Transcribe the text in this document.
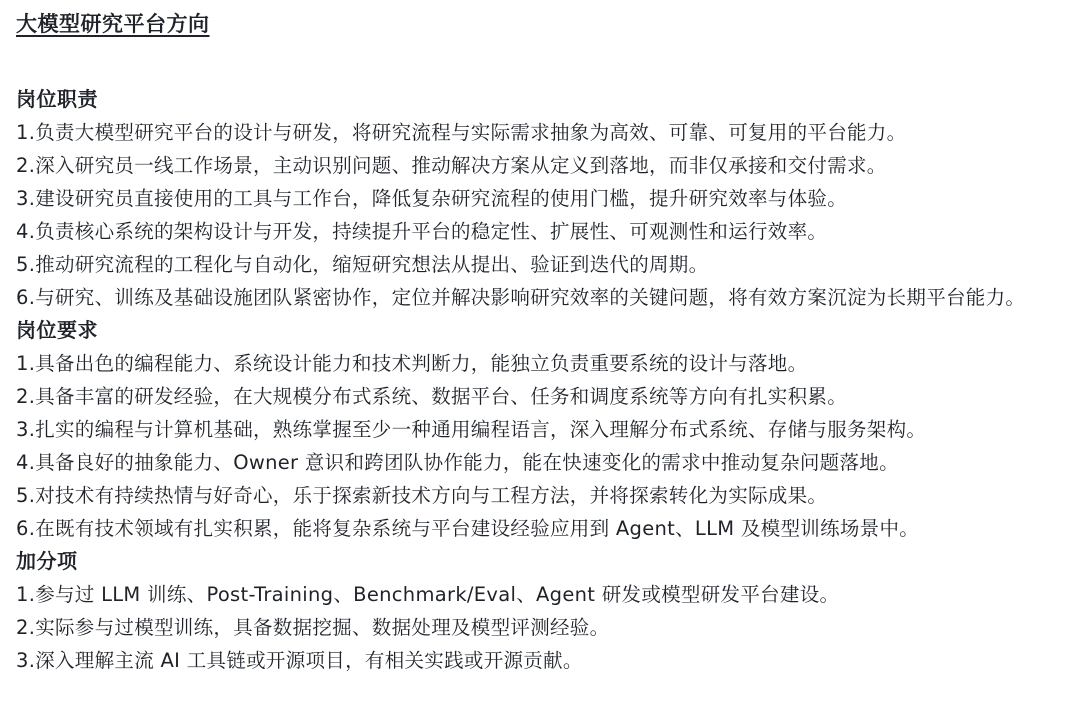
大模型研究平台方向
岗位职责
1.负责大模型研究平台的设计与研发，将研究流程与实际需求抽象为高效、可靠、可复用的平台能力。
2.深入研究员一线工作场景，主动识别问题、推动解决方案从定义到落地，而非仅承接和交付需求。
3.建设研究员直接使用的工具与工作台，降低复杂研究流程的使用门槛，提升研究效率与体验。
4.负责核心系统的架构设计与开发，持续提升平台的稳定性、扩展性、可观测性和运行效率。
5.推动研究流程的工程化与自动化，缩短研究想法从提出、验证到迭代的周期。
6.与研究、训练及基础设施团队紧密协作，定位并解决影响研究效率的关键问题，将有效方案沉淀为长期平台能力。
岗位要求
1.具备出色的编程能力、系统设计能力和技术判断力，能独立负责重要系统的设计与落地。
2.具备丰富的研发经验，在大规模分布式系统、数据平台、任务和调度系统等方向有扎实积累。
3.扎实的编程与计算机基础，熟练掌握至少一种通用编程语言，深入理解分布式系统、存储与服务架构。
4.具备良好的抽象能力、Owner 意识和跨团队协作能力，能在快速变化的需求中推动复杂问题落地。
5.对技术有持续热情与好奇心，乐于探索新技术方向与工程方法，并将探索转化为实际成果。
6.在既有技术领域有扎实积累，能将复杂系统与平台建设经验应用到 Agent、LLM 及模型训练场景中。
加分项
1.参与过 LLM 训练、Post-Training、Benchmark/Eval、Agent 研发或模型研发平台建设。
2.实际参与过模型训练，具备数据挖掘、数据处理及模型评测经验。
3.深入理解主流 AI 工具链或开源项目，有相关实践或开源贡献。
